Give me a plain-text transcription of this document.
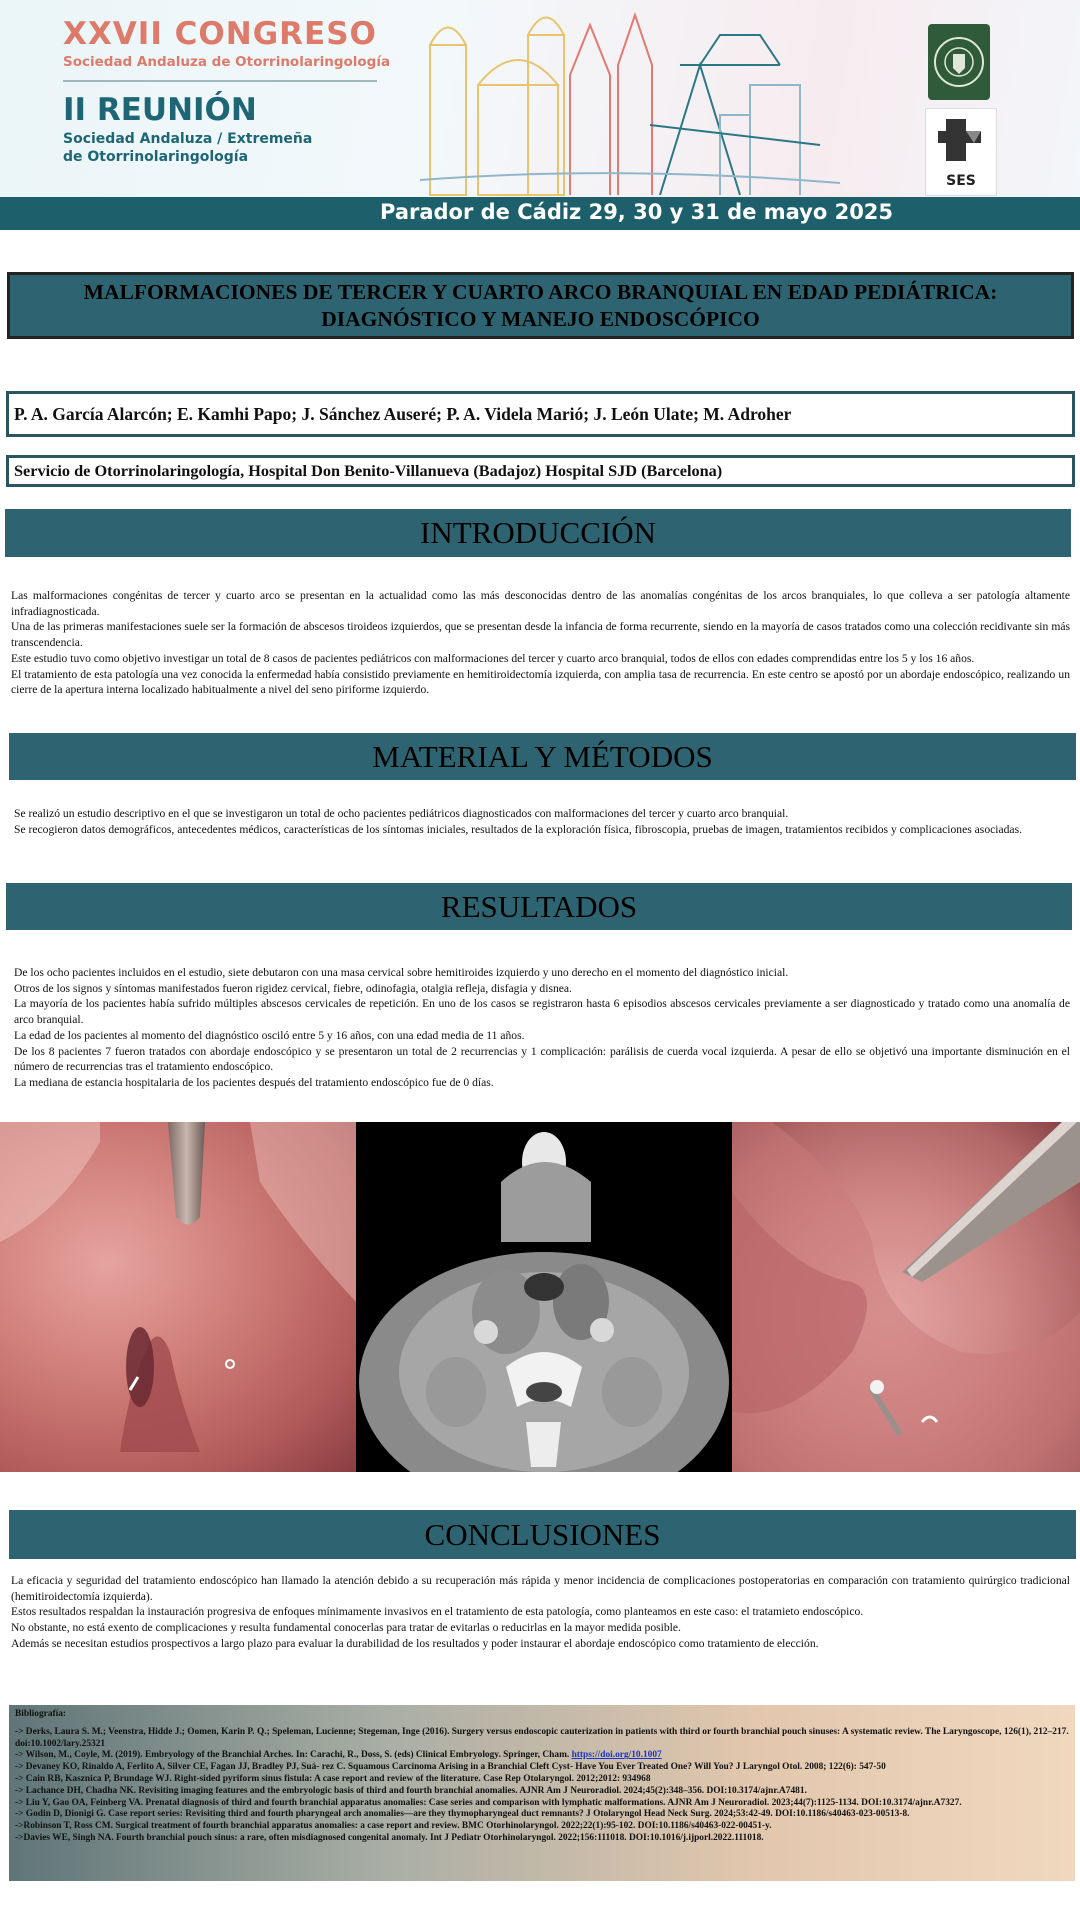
XXVII CONGRESO
Sociedad Andaluza de Otorrinolaringología
II REUNIÓN
Sociedad Andaluza / Extremeña de Otorrinolaringología
SES
Parador de Cádiz 29, 30 y 31 de mayo 2025
MALFORMACIONES DE TERCER Y CUARTO ARCO BRANQUIAL EN EDAD PEDIÁTRICA:
DIAGNÓSTICO Y MANEJO ENDOSCÓPICO
P. A. García Alarcón; E. Kamhi Papo; J. Sánchez Auseré; P. A. Videla Marió; J. León Ulate; M. Adroher
Servicio de Otorrinolaringología, Hospital Don Benito-Villanueva (Badajoz) Hospital SJD (Barcelona)
INTRODUCCIÓN

Las malformaciones congénitas de tercer y cuarto arco se presentan en la actualidad como las más desconocidas dentro de las anomalías congénitas de los arcos branquiales, lo que colleva a ser patología altamente infradiagnosticada.

Una de las primeras manifestaciones suele ser la formación de abscesos tiroideos izquierdos, que se presentan desde la infancia de forma recurrente, siendo en la mayoría de casos tratados como una colección recidivante sin más transcendencia.

Este estudio tuvo como objetivo investigar un total de 8 casos de pacientes pediátricos con malformaciones del tercer y cuarto arco branquial, todos de ellos con edades comprendidas entre los 5 y los 16 años.

El tratamiento de esta patología una vez conocida la enfermedad había consistido previamente en hemitiroidectomía izquierda, con amplia tasa de recurrencia. En este centro se apostó por un abordaje endoscópico, realizando un cierre de la apertura interna localizado habitualmente a nivel del seno piriforme izquierdo.

MATERIAL Y MÉTODOS

Se realizó un estudio descriptivo en el que se investigaron un total de ocho pacientes pediátricos diagnosticados con malformaciones del tercer y cuarto arco branquial.

Se recogieron datos demográficos, antecedentes médicos, características de los síntomas iniciales, resultados de la exploración física, fibroscopia, pruebas de imagen, tratamientos recibidos y complicaciones asociadas.

RESULTADOS

De los ocho pacientes incluidos en el estudio, siete debutaron con una masa cervical sobre hemitiroides izquierdo y uno derecho en el momento del diagnóstico inicial.

Otros de los signos y síntomas manifestados fueron rigidez cervical, fiebre, odinofagia, otalgia refleja, disfagia y disnea.

La mayoría de los pacientes había sufrido múltiples abscesos cervicales de repetición. En uno de los casos se registraron hasta 6 episodios abscesos cervicales previamente a ser diagnosticado y tratado como una anomalía de arco branquial.

La edad de los pacientes al momento del diagnóstico osciló entre 5 y 16 años, con una edad media de 11 años.

De los 8 pacientes 7 fueron tratados con abordaje endoscópico y se presentaron un total de 2 recurrencias y 1 complicación: parálisis de cuerda vocal izquierda. A pesar de ello se objetivó una importante disminución en el número de recurrencias tras el tratamiento endoscópico.

La mediana de estancia hospitalaria de los pacientes después del tratamiento endoscópico fue de 0 días.

CONCLUSIONES

La eficacia y seguridad del tratamiento endoscópico han llamado la atención debido a su recuperación más rápida y menor incidencia de complicaciones postoperatorias en comparación con tratamiento quirúrgico tradicional (hemitiroidectomía izquierda).

Estos resultados respaldan la instauración progresiva de enfoques mínimamente invasivos en el tratamiento de esta patología, como planteamos en este caso: el tratamieto endoscópico.

No obstante, no está exento de complicaciones y resulta fundamental conocerlas para tratar de evitarlas o reducirlas en la mayor medida posible.

Además se necesitan estudios prospectivos a largo plazo para evaluar la durabilidad de los resultados y poder instaurar el abordaje endoscópico como tratamiento de elección.

Bibliografía:

-> Derks, Laura S. M.; Veenstra, Hidde J.; Oomen, Karin P. Q.; Speleman, Lucienne; Stegeman, Inge (2016). Surgery versus endoscopic cauterization in patients with third or fourth branchial pouch sinuses: A systematic review. The Laryngoscope, 126(1), 212–217. doi:10.1002/lary.25321

-> Wilson, M., Coyle, M. (2019). Embryology of the Branchial Arches. In: Carachi, R., Doss, S. (eds) Clinical Embryology. Springer, Cham. https://doi.org/10.1007

-> Devaney KO, Rinaldo A, Ferlito A, Silver CE, Fagan JJ, Bradley PJ, Suá- rez C. Squamous Carcinoma Arising in a Branchial Cleft Cyst- Have You Ever Treated One? Will You? J Laryngol Otol. 2008; 122(6): 547-50

-> Cain RB, Kasznica P, Brundage WJ. Right-sided pyriform sinus fistula: A case report and review of the literature. Case Rep Otolaryngol. 2012;2012: 934968

-> Lachance DH, Chadha NK. Revisiting imaging features and the embryologic basis of third and fourth branchial anomalies. AJNR Am J Neuroradiol. 2024;45(2):348–356. DOI:10.3174/ajnr.A7481.

-> Liu Y, Gao OA, Feinberg VA. Prenatal diagnosis of third and fourth branchial apparatus anomalies: Case series and comparison with lymphatic malformations. AJNR Am J Neuroradiol. 2023;44(7):1125-1134. DOI:10.3174/ajnr.A7327.

-> Godin D, Dionigi G. Case report series: Revisiting third and fourth pharyngeal arch anomalies—are they thymopharyngeal duct remnants? J Otolaryngol Head Neck Surg. 2024;53:42-49. DOI:10.1186/s40463-023-00513-8.

->Robinson T, Ross CM. Surgical treatment of fourth branchial apparatus anomalies: a case report and review. BMC Otorhinolaryngol. 2022;22(1):95-102. DOI:10.1186/s40463-022-00451-y.

->Davies WE, Singh NA. Fourth branchial pouch sinus: a rare, often misdiagnosed congenital anomaly. Int J Pediatr Otorhinolaryngol. 2022;156:111018. DOI:10.1016/j.ijporl.2022.111018.
